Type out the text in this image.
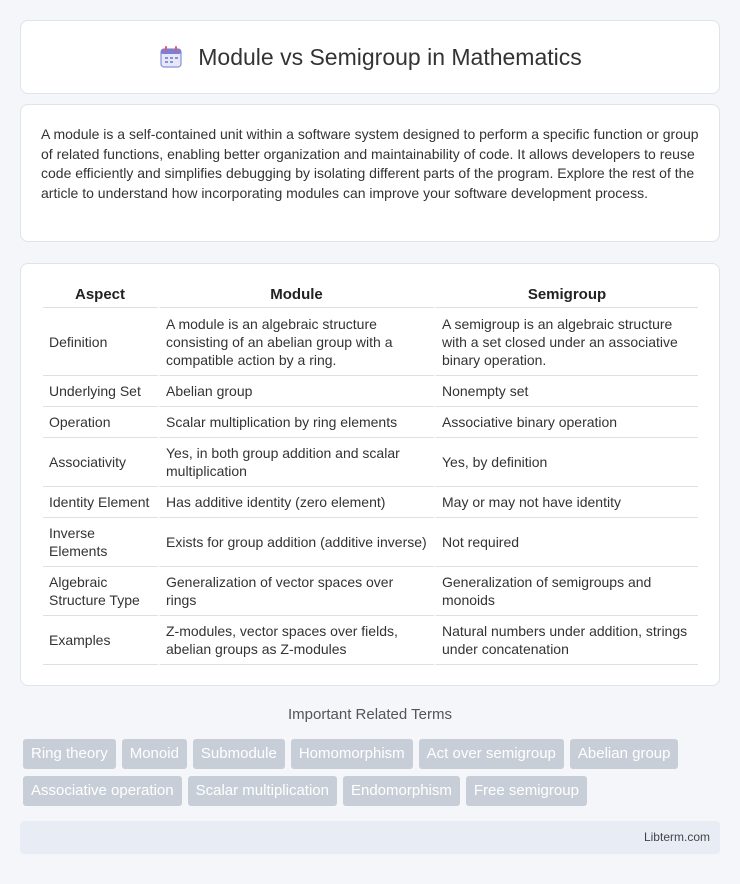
Module vs Semigroup in Mathematics

A module is a self-contained unit within a software system designed to perform a specific function or group of related functions, enabling better organization and maintainability of code. It allows developers to reuse code efficiently and simplifies debugging by isolating different parts of the program. Explore the rest of the article to understand how incorporating modules can improve your software development process.

Aspect	Module	Semigroup
Definition	A module is an algebraic structure consisting of an abelian group with a compatible action by a ring.	A semigroup is an algebraic structure with a set closed under an associative binary operation.
Underlying Set	Abelian group	Nonempty set
Operation	Scalar multiplication by ring elements	Associative binary operation
Associativity	Yes, in both group addition and scalar multiplication	Yes, by definition
Identity Element	Has additive identity (zero element)	May or may not have identity
Inverse Elements	Exists for group addition (additive inverse)	Not required
Algebraic Structure Type	Generalization of vector spaces over rings	Generalization of semigroups and monoids
Examples	Z-modules, vector spaces over fields, abelian groups as Z-modules	Natural numbers under addition, strings under concatenation
Important Related Terms
Ring theory	Monoid	Submodule	Homomorphism	Act over semigroup	Abelian group
Associative operation	Scalar multiplication	Endomorphism	Free semigroup
Libterm.com
